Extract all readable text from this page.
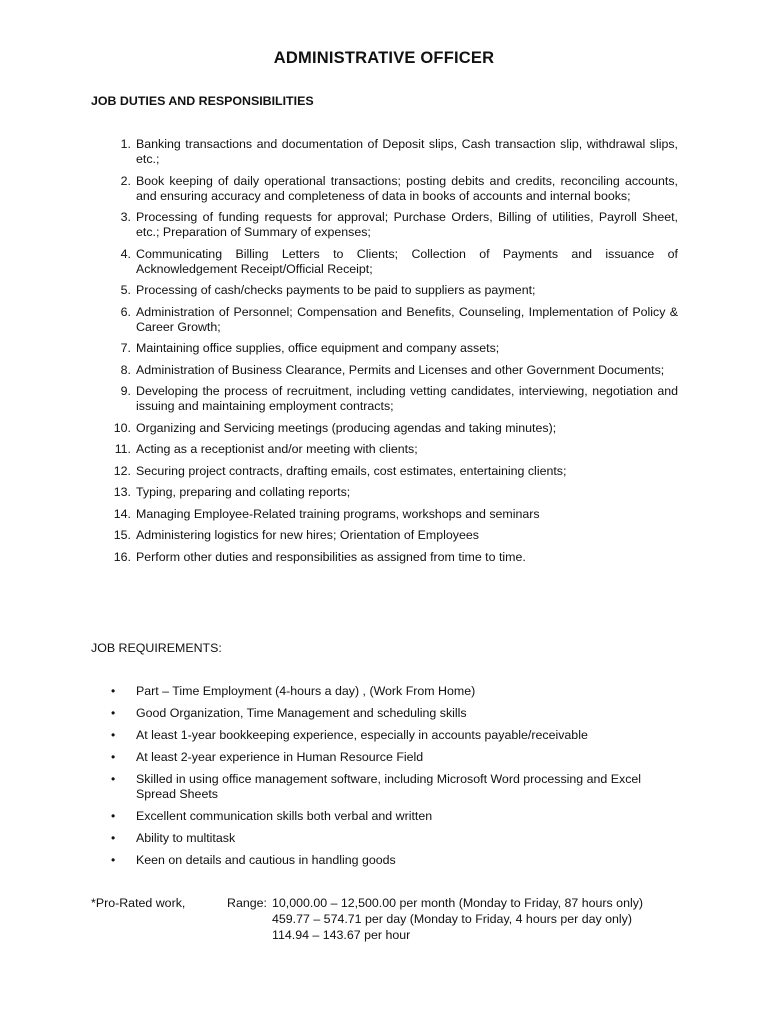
ADMINISTRATIVE OFFICER
JOB DUTIES AND RESPONSIBILITIES
1. Banking transactions and documentation of Deposit slips, Cash transaction slip, withdrawal slips, etc.;
2. Book keeping of daily operational transactions; posting debits and credits, reconciling accounts, and ensuring accuracy and completeness of data in books of accounts and internal books;
3. Processing of funding requests for approval; Purchase Orders, Billing of utilities, Payroll Sheet, etc.; Preparation of Summary of expenses;
4. Communicating Billing Letters to Clients; Collection of Payments and issuance of Acknowledgement Receipt/Official Receipt;
5. Processing of cash/checks payments to be paid to suppliers as payment;
6. Administration of Personnel; Compensation and Benefits, Counseling, Implementation of Policy & Career Growth;
7. Maintaining office supplies, office equipment and company assets;
8. Administration of Business Clearance, Permits and Licenses and other Government Documents;
9. Developing the process of recruitment, including vetting candidates, interviewing, negotiation and issuing and maintaining employment contracts;
10. Organizing and Servicing meetings (producing agendas and taking minutes);
11. Acting as a receptionist and/or meeting with clients;
12. Securing project contracts, drafting emails, cost estimates, entertaining clients;
13. Typing, preparing and collating reports;
14. Managing Employee-Related training programs, workshops and seminars
15. Administering logistics for new hires; Orientation of Employees
16. Perform other duties and responsibilities as assigned from time to time.
JOB REQUIREMENTS:
• Part – Time Employment (4-hours a day) , (Work From Home)
• Good Organization, Time Management and scheduling skills
• At least 1-year bookkeeping experience, especially in accounts payable/receivable
• At least 2-year experience in Human Resource Field
• Skilled in using office management software, including Microsoft Word processing and Excel Spread Sheets
• Excellent communication skills both verbal and written
• Ability to multitask
• Keen on details and cautious in handling goods
*Pro-Rated work,	Range: 10,000.00 – 12,500.00 per month (Monday to Friday, 87 hours only)
459.77 – 574.71 per day (Monday to Friday, 4 hours per day only)
114.94 – 143.67 per hour
